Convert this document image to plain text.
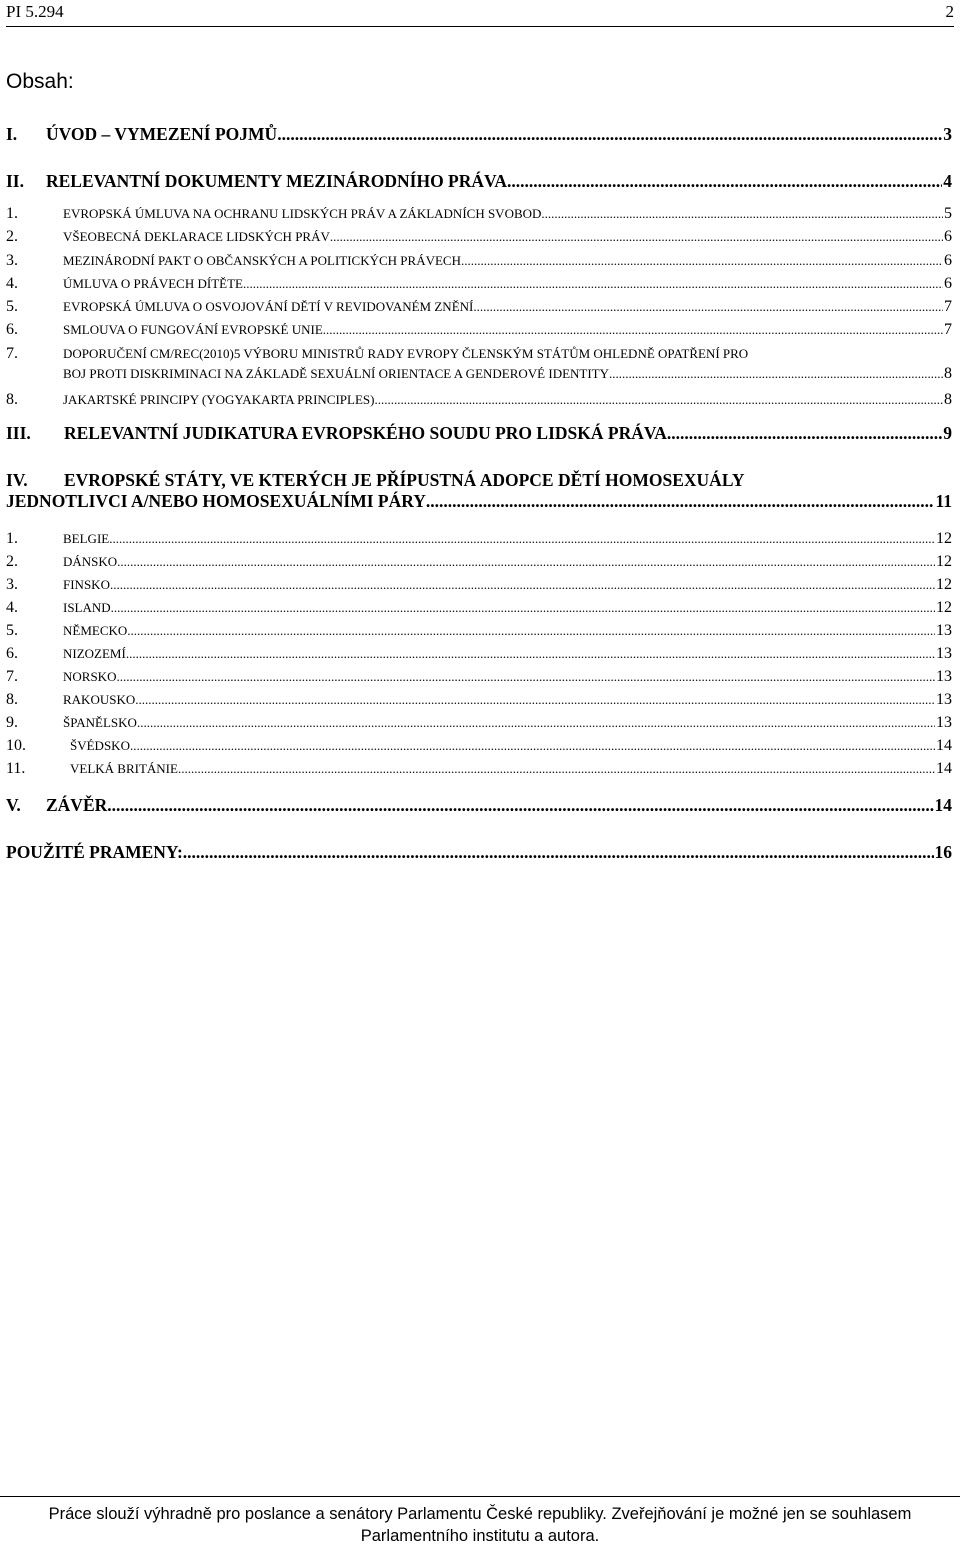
PI 5.294	2
Obsah:
I.	ÚVOD – VYMEZENÍ POJMŮ .....	3
II.	RELEVANTNÍ DOKUMENTY MEZINÁRODNÍHO PRÁVA .....	4
1.	EVROPSKÁ ÚMLUVA NA OCHRANU LIDSKÝCH PRÁV A ZÁKLADNÍCH SVOBOD .....	5
2.	VŠEOBECNÁ DEKLARACE LIDSKÝCH PRÁV .....	6
3.	MEZINÁRODNÍ PAKT O OBČANSKÝCH A POLITICKÝCH PRÁVECH .....	6
4.	ÚMLUVA O PRÁVECH DÍTĚTE .....	6
5.	EVROPSKÁ ÚMLUVA O OSVOJOVÁNÍ DĚTÍ V REVIDOVANÉM ZNĚNÍ .....	7
6.	SMLOUVA O FUNGOVÁNÍ EVROPSKÉ UNIE .....	7
7.	DOPORUČENÍ CM/REC(2010)5 VÝBORU MINISTRŮ RADY EVROPY ČLENSKÝM STÁTŮM OHLEDNĚ OPATŘENÍ PRO
BOJ PROTI DISKRIMINACI NA ZÁKLADĚ SEXUÁLNÍ ORIENTACE A GENDEROVÉ IDENTITY .....	8
8.	JAKARTSKÉ PRINCIPY (YOGYAKARTA PRINCIPLES) .....	8
III.	RELEVANTNÍ JUDIKATURA EVROPSKÉHO SOUDU PRO LIDSKÁ PRÁVA .....	9
IV.	EVROPSKÉ STÁTY, VE KTERÝCH JE PŘÍPUSTNÁ ADOPCE DĚTÍ HOMOSEXUÁLY
JEDNOTLIVCI A/NEBO HOMOSEXUÁLNÍMI PÁRY .....	11
1.	BELGIE .....	12
2.	DÁNSKO .....	12
3.	FINSKO .....	12
4.	ISLAND .....	12
5.	NĚMECKO .....	13
6.	NIZOZEMÍ .....	13
7.	NORSKO .....	13
8.	RAKOUSKO .....	13
9.	ŠPANĚLSKO .....	13
10.	ŠVÉDSKO .....	14
11.	VELKÁ BRITÁNIE .....	14
V.	ZÁVĚR .....	14
POUŽITÉ PRAMENY: .....	16
Práce slouží výhradně pro poslance a senátory Parlamentu České republiky. Zveřejňování je možné jen se souhlasem
Parlamentního institutu a autora.
